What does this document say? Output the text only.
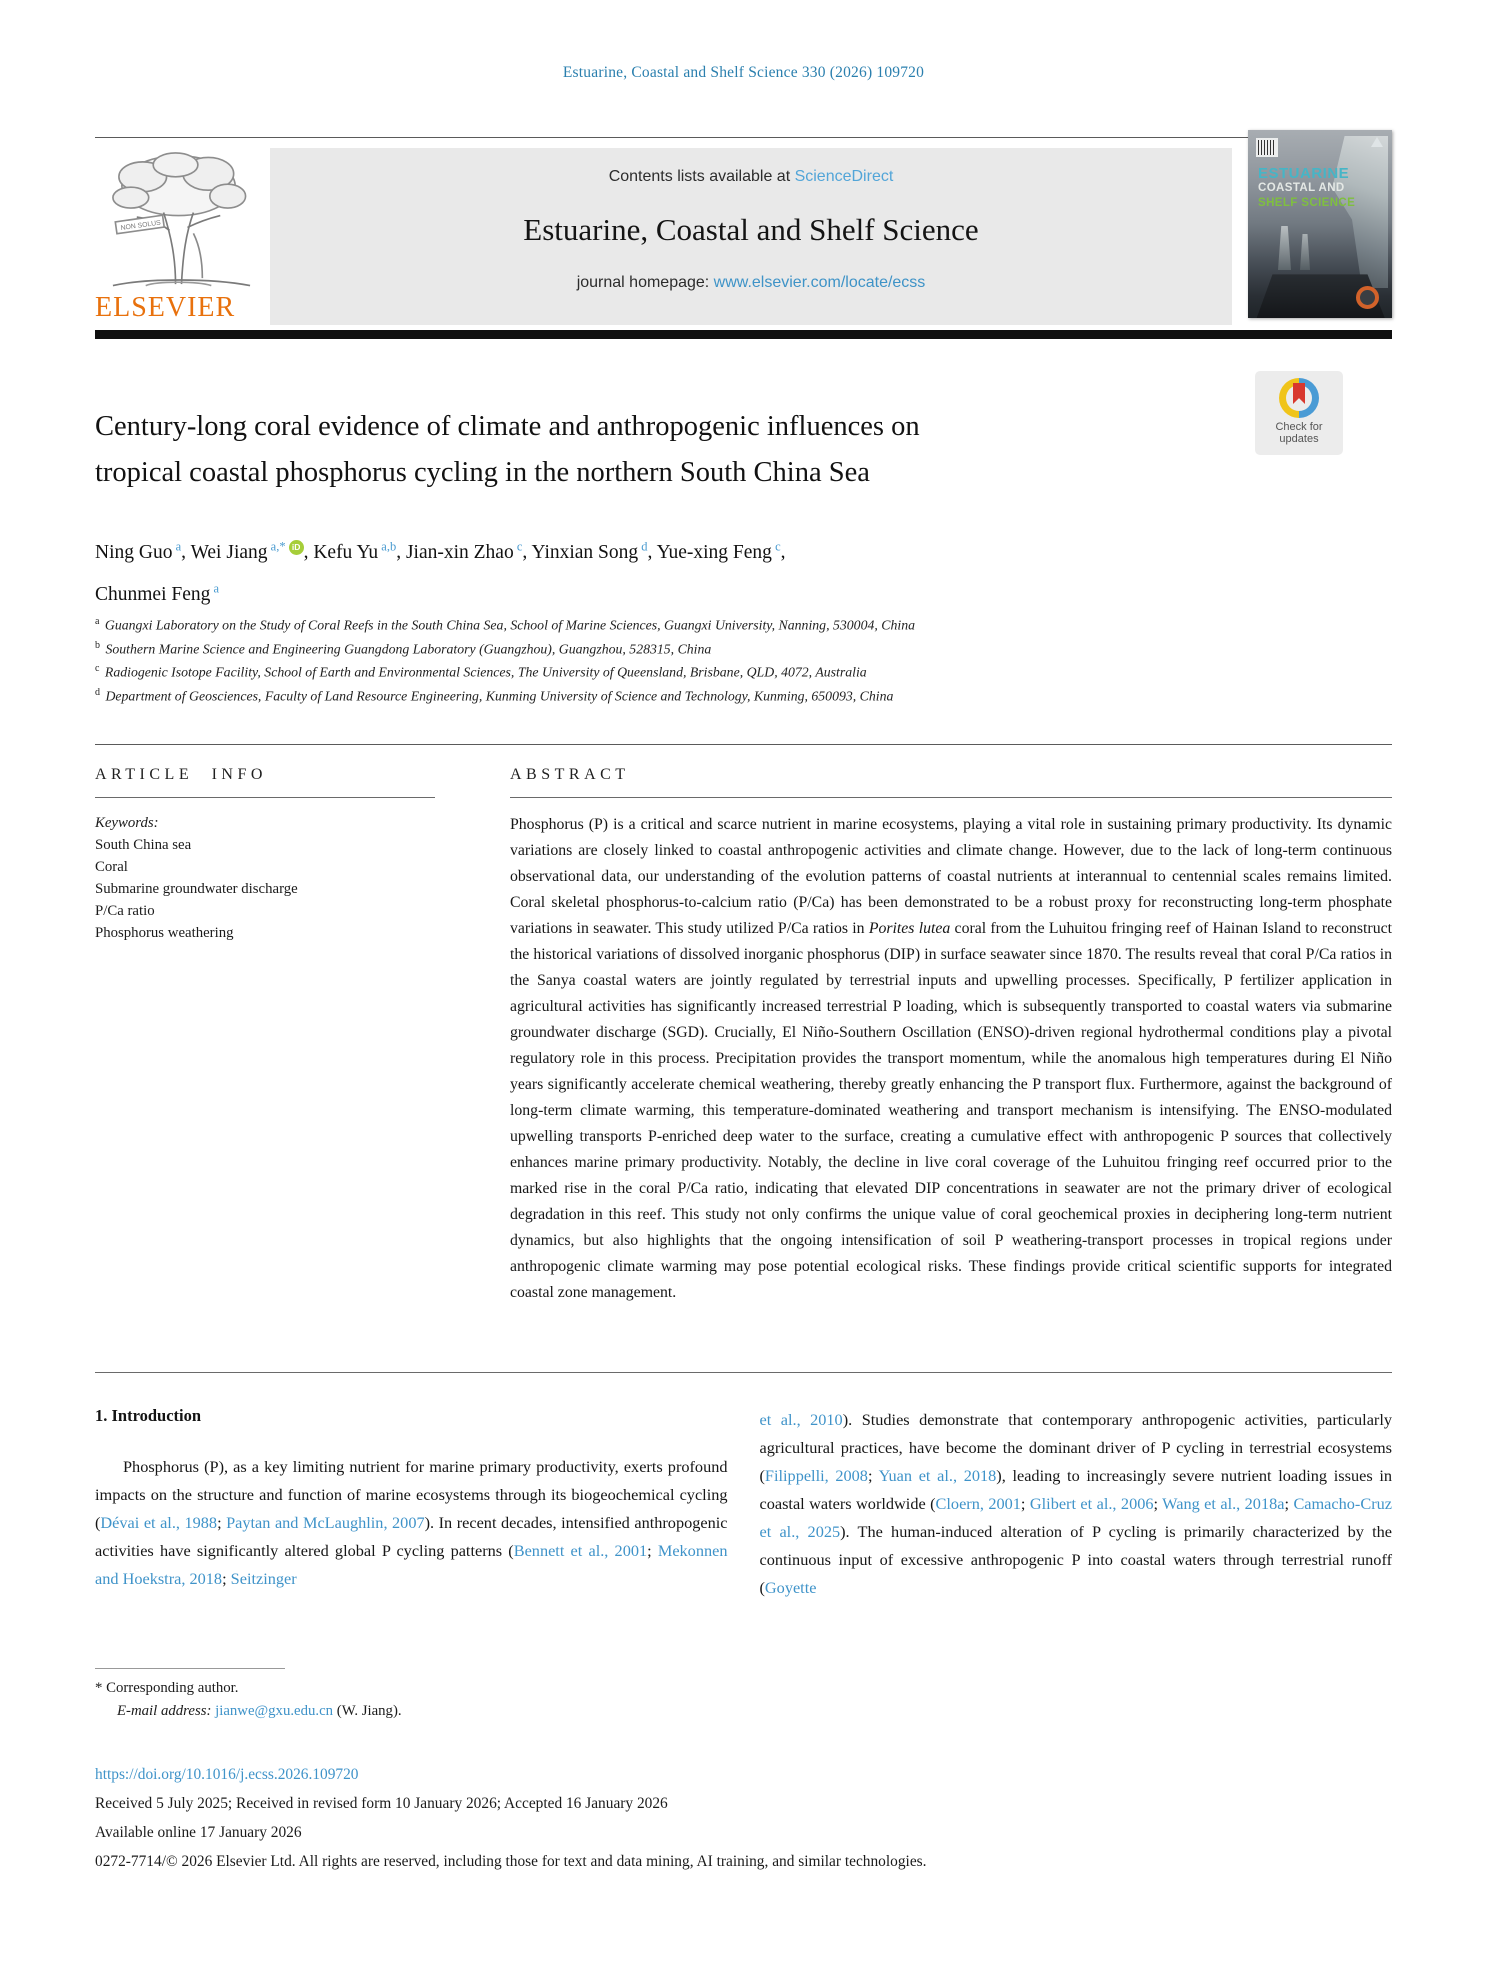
Estuarine, Coastal and Shelf Science 330 (2026) 109720
NON SOLUS
ELSEVIER
Contents lists available at ScienceDirect
Estuarine, Coastal and Shelf Science
journal homepage: www.elsevier.com/locate/ecss
ESTUARINE
COASTAL AND
SHELF SCIENCE
Check for
updates
Century-long coral evidence of climate and anthropogenic influences on
tropical coastal phosphorus cycling in the northern South China Sea
Ning Guo $^a$, Wei Jiang $^{a,*}$ iD , Kefu Yu $^{a,b}$, Jian-xin Zhao $^c$, Yinxian Song $^d$, Yue-xing Feng $^c$,
Chunmei Feng $^a$
$^a$ Guangxi Laboratory on the Study of Coral Reefs in the South China Sea, School of Marine Sciences, Guangxi University, Nanning, 530004, China
$^b$ Southern Marine Science and Engineering Guangdong Laboratory (Guangzhou), Guangzhou, 528315, China
$^c$ Radiogenic Isotope Facility, School of Earth and Environmental Sciences, The University of Queensland, Brisbane, QLD, 4072, Australia
$^d$ Department of Geosciences, Faculty of Land Resource Engineering, Kunming University of Science and Technology, Kunming, 650093, China
ARTICLE INFO
Keywords:
South China sea
Coral
Submarine groundwater discharge
P/Ca ratio
Phosphorus weathering
ABSTRACT

Phosphorus (P) is a critical and scarce nutrient in marine ecosystems, playing a vital role in sustaining primary productivity. Its dynamic variations are closely linked to coastal anthropogenic activities and climate change. However, due to the lack of long-term continuous observational data, our understanding of the evolution patterns of coastal nutrients at interannual to centennial scales remains limited. Coral skeletal phosphorus-to-calcium ratio (P/Ca) has been demonstrated to be a robust proxy for reconstructing long-term phosphate variations in seawater. This study utilized P/Ca ratios in Porites lutea coral from the Luhuitou fringing reef of Hainan Island to reconstruct the historical variations of dissolved inorganic phosphorus (DIP) in surface seawater since 1870. The results reveal that coral P/Ca ratios in the Sanya coastal waters are jointly regulated by terrestrial inputs and upwelling processes. Specifically, P fertilizer application in agricultural activities has significantly increased terrestrial P loading, which is subsequently transported to coastal waters via submarine groundwater discharge (SGD). Crucially, El Niño-Southern Oscillation (ENSO)-driven regional hydrothermal conditions play a pivotal regulatory role in this process. Precipitation provides the transport momentum, while the anomalous high temperatures during El Niño years significantly accelerate chemical weathering, thereby greatly enhancing the P transport flux. Furthermore, against the background of long-term climate warming, this temperature-dominated weathering and transport mechanism is intensifying. The ENSO-modulated upwelling transports P-enriched deep water to the surface, creating a cumulative effect with anthropogenic P sources that collectively enhances marine primary productivity. Notably, the decline in live coral coverage of the Luhuitou fringing reef occurred prior to the marked rise in the coral P/Ca ratio, indicating that elevated DIP concentrations in seawater are not the primary driver of ecological degradation in this reef. This study not only confirms the unique value of coral geochemical proxies in deciphering long-term nutrient dynamics, but also highlights that the ongoing intensification of soil P weathering-transport processes in tropical regions under anthropogenic climate warming may pose potential ecological risks. These findings provide critical scientific supports for integrated coastal zone management.

1. Introduction

Phosphorus (P), as a key limiting nutrient for marine primary productivity, exerts profound impacts on the structure and function of marine ecosystems through its biogeochemical cycling (Dévai et al., 1988; Paytan and McLaughlin, 2007). In recent decades, intensified anthropogenic activities have significantly altered global P cycling patterns (Bennett et al., 2001; Mekonnen and Hoekstra, 2018; Seitzinger

et al., 2010). Studies demonstrate that contemporary anthropogenic activities, particularly agricultural practices, have become the dominant driver of P cycling in terrestrial ecosystems (Filippelli, 2008; Yuan et al., 2018), leading to increasingly severe nutrient loading issues in coastal waters worldwide (Cloern, 2001; Glibert et al., 2006; Wang et al., 2018a; Camacho-Cruz et al., 2025). The human-induced alteration of P cycling is primarily characterized by the continuous input of excessive anthropogenic P into coastal waters through terrestrial runoff (Goyette

* Corresponding author.
E-mail address: jianwe@gxu.edu.cn (W. Jiang).
https://doi.org/10.1016/j.ecss.2026.109720
Received 5 July 2025; Received in revised form 10 January 2026; Accepted 16 January 2026
Available online 17 January 2026
0272-7714/© 2026 Elsevier Ltd. All rights are reserved, including those for text and data mining, AI training, and similar technologies.
